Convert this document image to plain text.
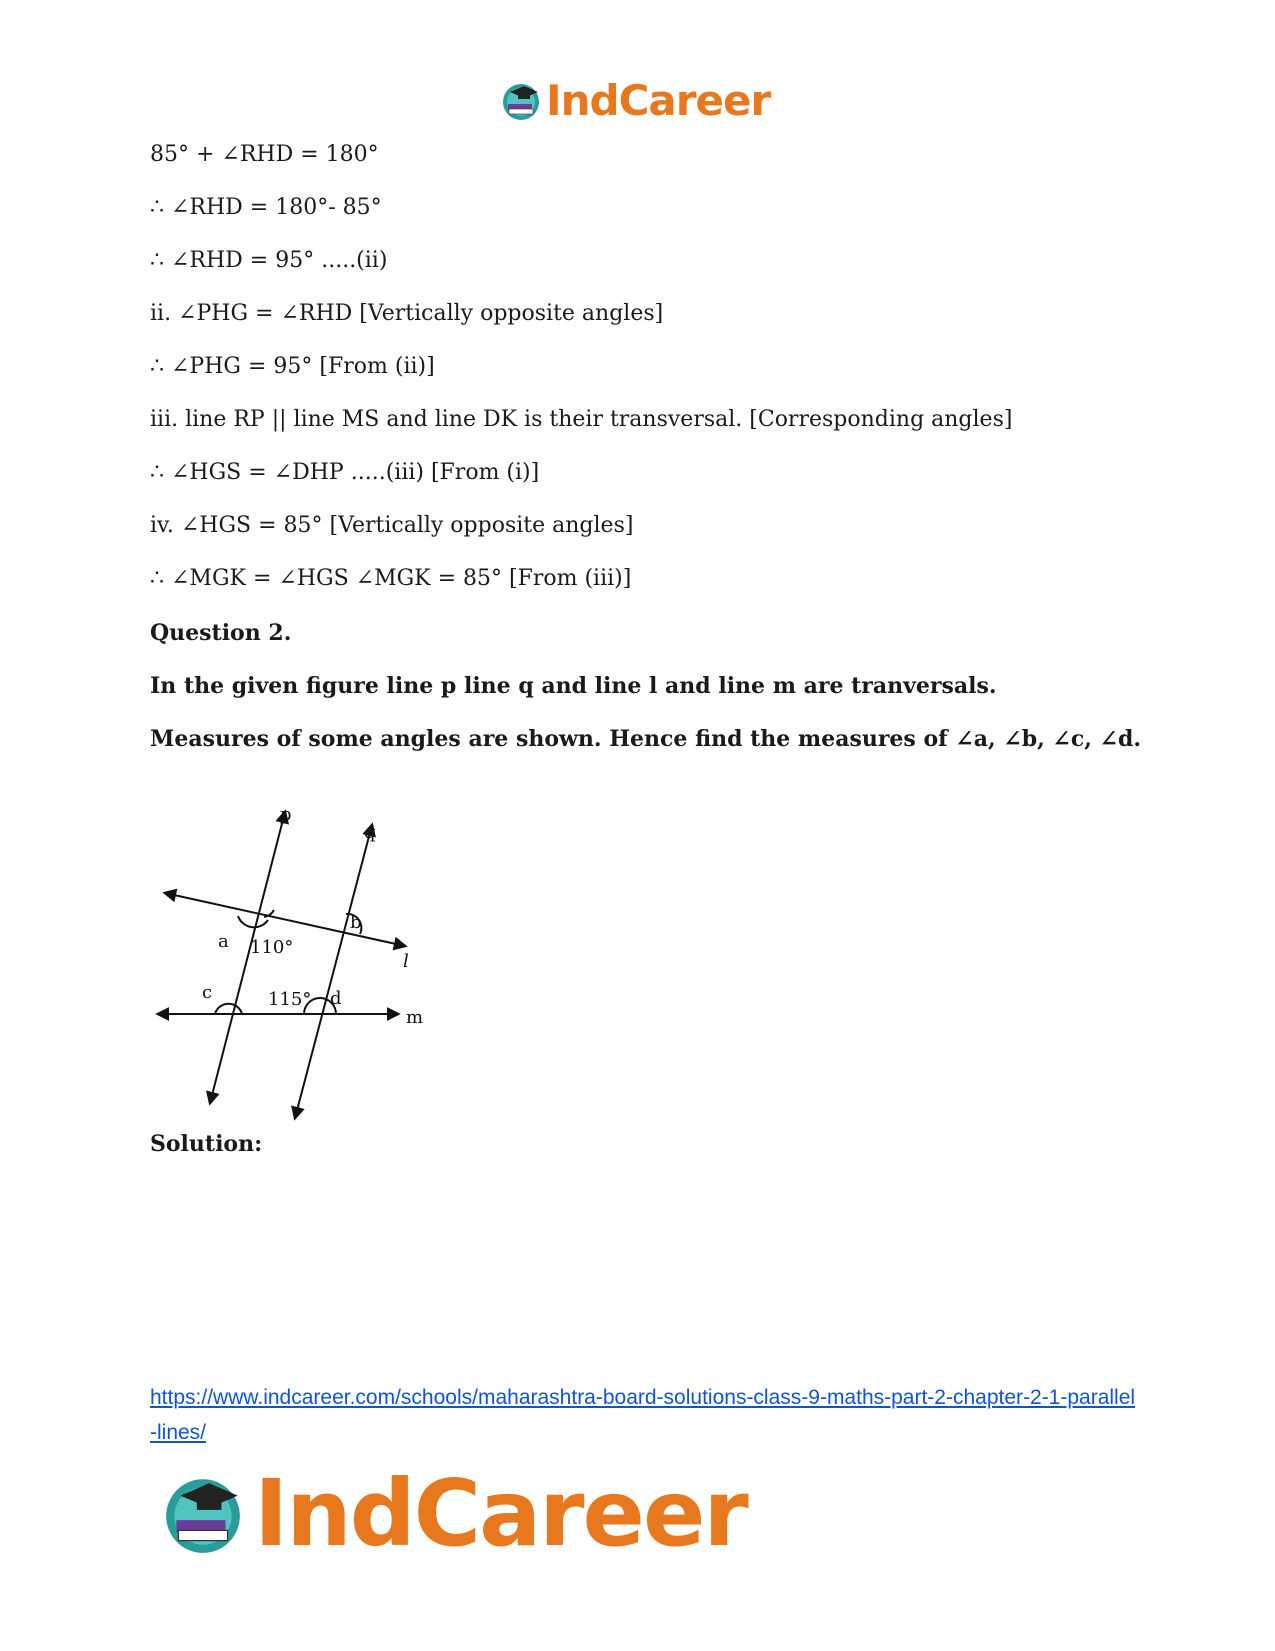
IndCareer
85° + ∠RHD = 180°
∴ ∠RHD = 180°- 85°
∴ ∠RHD = 95° .....(ii)
ii. ∠PHG = ∠RHD [Vertically opposite angles]
∴ ∠PHG = 95° [From (ii)]
iii. line RP || line MS and line DK is their transversal. [Corresponding angles]
∴ ∠HGS = ∠DHP .....(iii) [From (i)]
iv. ∠HGS = 85° [Vertically opposite angles]
∴ ∠MGK = ∠HGS ∠MGK = 85° [From (iii)]
Question 2.
In the given figure line p line q and line l and line m are tranversals.
Measures of some angles are shown. Hence find the measures of ∠a, ∠b, ∠c, ∠d.
Solution:
p
q
l
m
a
b
c	d
110°
115°
https://www.indcareer.com/schools/maharashtra-board-solutions-class-9-maths-part-2-chapter-2-1-parallel-lines/
IndCareer
